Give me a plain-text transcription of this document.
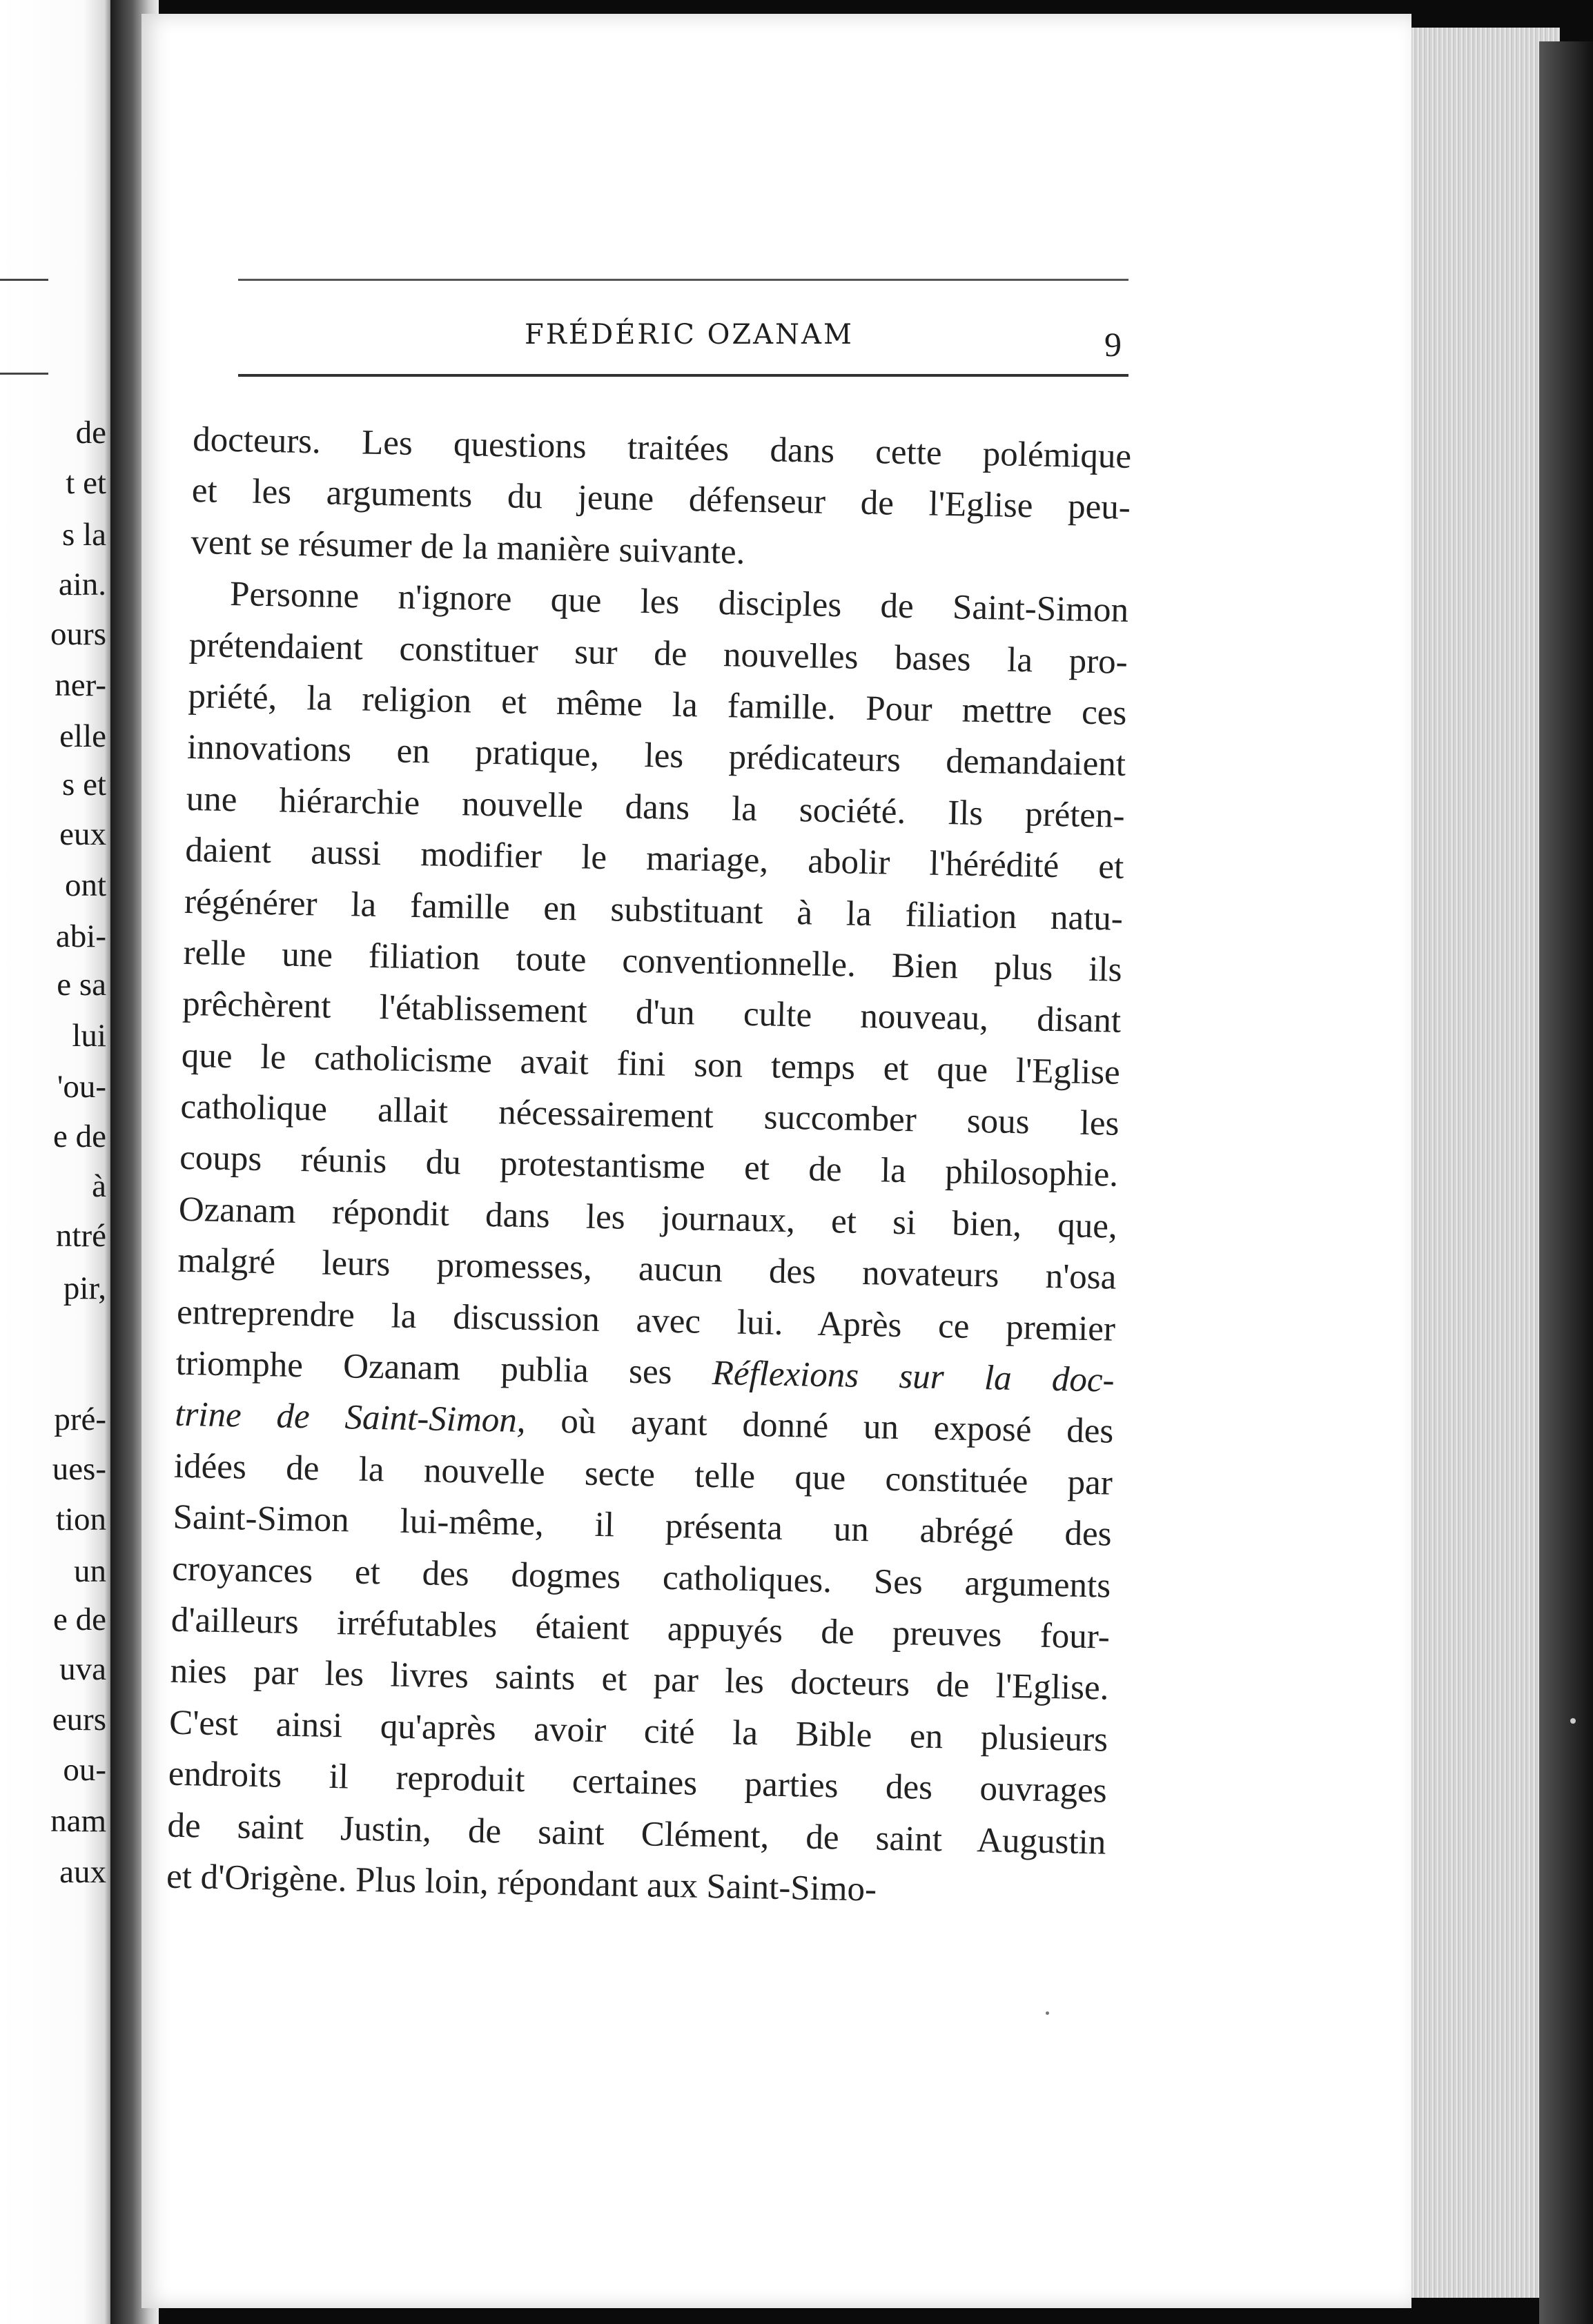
de
t et
s la
ain.
ours
ner-
elle
s et
eux
ont
abi-
e sa
lui
'ou-
e de
à
ntré
pir,
pré-
ues-
tion
un
e de
uva
eurs
ou-
nam
aux
FRÉDÉRIC OZANAM	9
docteurs. Les questions traitées dans cette polémique
et les arguments du jeune défenseur de l'Eglise peu-
vent se résumer de la manière suivante.
Personne n'ignore que les disciples de Saint-Simon
prétendaient constituer sur de nouvelles bases la pro-
priété, la religion et même la famille. Pour mettre ces
innovations en pratique, les prédicateurs demandaient
une hiérarchie nouvelle dans la société. Ils préten-
daient aussi modifier le mariage, abolir l'hérédité et
régénérer la famille en substituant à la filiation natu-
relle une filiation toute conventionnelle. Bien plus ils
prêchèrent l'établissement d'un culte nouveau, disant
que le catholicisme avait fini son temps et que l'Eglise
catholique allait nécessairement succomber sous les
coups réunis du protestantisme et de la philosophie.
Ozanam répondit dans les journaux, et si bien, que,
malgré leurs promesses, aucun des novateurs n'osa
entreprendre la discussion avec lui. Après ce premier
triomphe Ozanam publia ses Réflexions sur la doc-
trine de Saint-Simon, où ayant donné un exposé des
idées de la nouvelle secte telle que constituée par
Saint-Simon lui-même, il présenta un abrégé des
croyances et des dogmes catholiques. Ses arguments
d'ailleurs irréfutables étaient appuyés de preuves four-
nies par les livres saints et par les docteurs de l'Eglise.
C'est ainsi qu'après avoir cité la Bible en plusieurs
endroits il reproduit certaines parties des ouvrages
de saint Justin, de saint Clément, de saint Augustin
et d'Origène. Plus loin, répondant aux Saint-Simo-
